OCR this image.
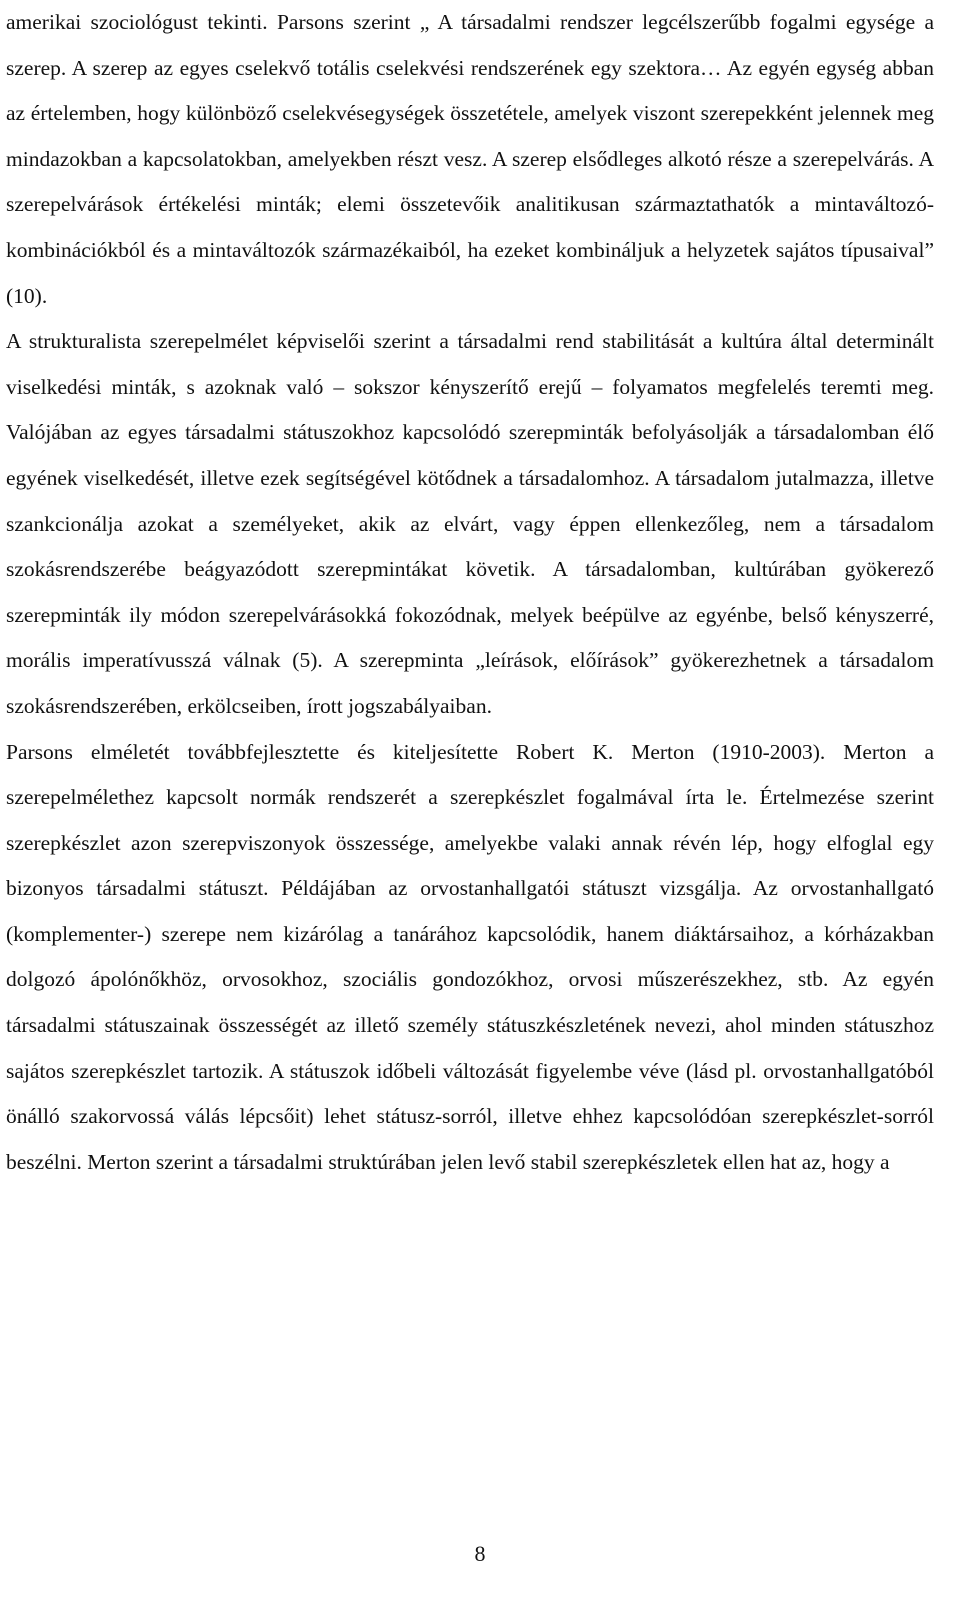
amerikai szociológust tekinti. Parsons szerint „ A társadalmi rendszer legcélszerűbb fogalmi egysége a szerep. A szerep az egyes cselekvő totális cselekvési rendszerének egy szektora… Az egyén egység abban az értelemben, hogy különböző cselekvésegységek összetétele, amelyek viszont szerepekként jelennek meg mindazokban a kapcsolatokban, amelyekben részt vesz. A szerep elsődleges alkotó része a szerepelvárás. A szerepelvárások értékelési minták; elemi összetevőik analitikusan származtathatók a mintaváltozó-kombinációkból és a mintaváltozók származékaiból, ha ezeket kombináljuk a helyzetek sajátos típusaival” (10).

A strukturalista szerepelmélet képviselői szerint a társadalmi rend stabilitását a kultúra által determinált viselkedési minták, s azoknak való – sokszor kényszerítő erejű – folyamatos megfelelés teremti meg. Valójában az egyes társadalmi státuszokhoz kapcsolódó szerepminták befolyásolják a társadalomban élő egyének viselkedését, illetve ezek segítségével kötődnek a társadalomhoz. A társadalom jutalmazza, illetve szankcionálja azokat a személyeket, akik az elvárt, vagy éppen ellenkezőleg, nem a társadalom szokásrendszerébe beágyazódott szerepmintákat követik. A társadalomban, kultúrában gyökerező szerepminták ily módon szerepelvárásokká fokozódnak, melyek beépülve az egyénbe, belső kényszerré, morális imperatívusszá válnak (5). A szerepminta „leírások, előírások” gyökerezhetnek a társadalom szokásrendszerében, erkölcseiben, írott jogszabályaiban.

Parsons elméletét továbbfejlesztette és kiteljesítette Robert K. Merton (1910-2003). Merton a szerepelmélethez kapcsolt normák rendszerét a szerepkészlet fogalmával írta le. Értelmezése szerint szerepkészlet azon szerepviszonyok összessége, amelyekbe valaki annak révén lép, hogy elfoglal egy bizonyos társadalmi státuszt. Példájában az orvostanhallgatói státuszt vizsgálja. Az orvostanhallgató (komplementer-) szerepe nem kizárólag a tanárához kapcsolódik, hanem diáktársaihoz, a kórházakban dolgozó ápolónőkhöz, orvosokhoz, szociális gondozókhoz, orvosi műszerészekhez, stb. Az egyén társadalmi státuszainak összességét az illető személy státuszkészletének nevezi, ahol minden státuszhoz sajátos szerepkészlet tartozik. A státuszok időbeli változását figyelembe véve (lásd pl. orvostanhallgatóból önálló szakorvossá válás lépcsőit) lehet státusz-sorról, illetve ehhez kapcsolódóan szerepkészlet-sorról beszélni. Merton szerint a társadalmi struktúrában jelen levő stabil szerepkészletek ellen hat az, hogy a

8
